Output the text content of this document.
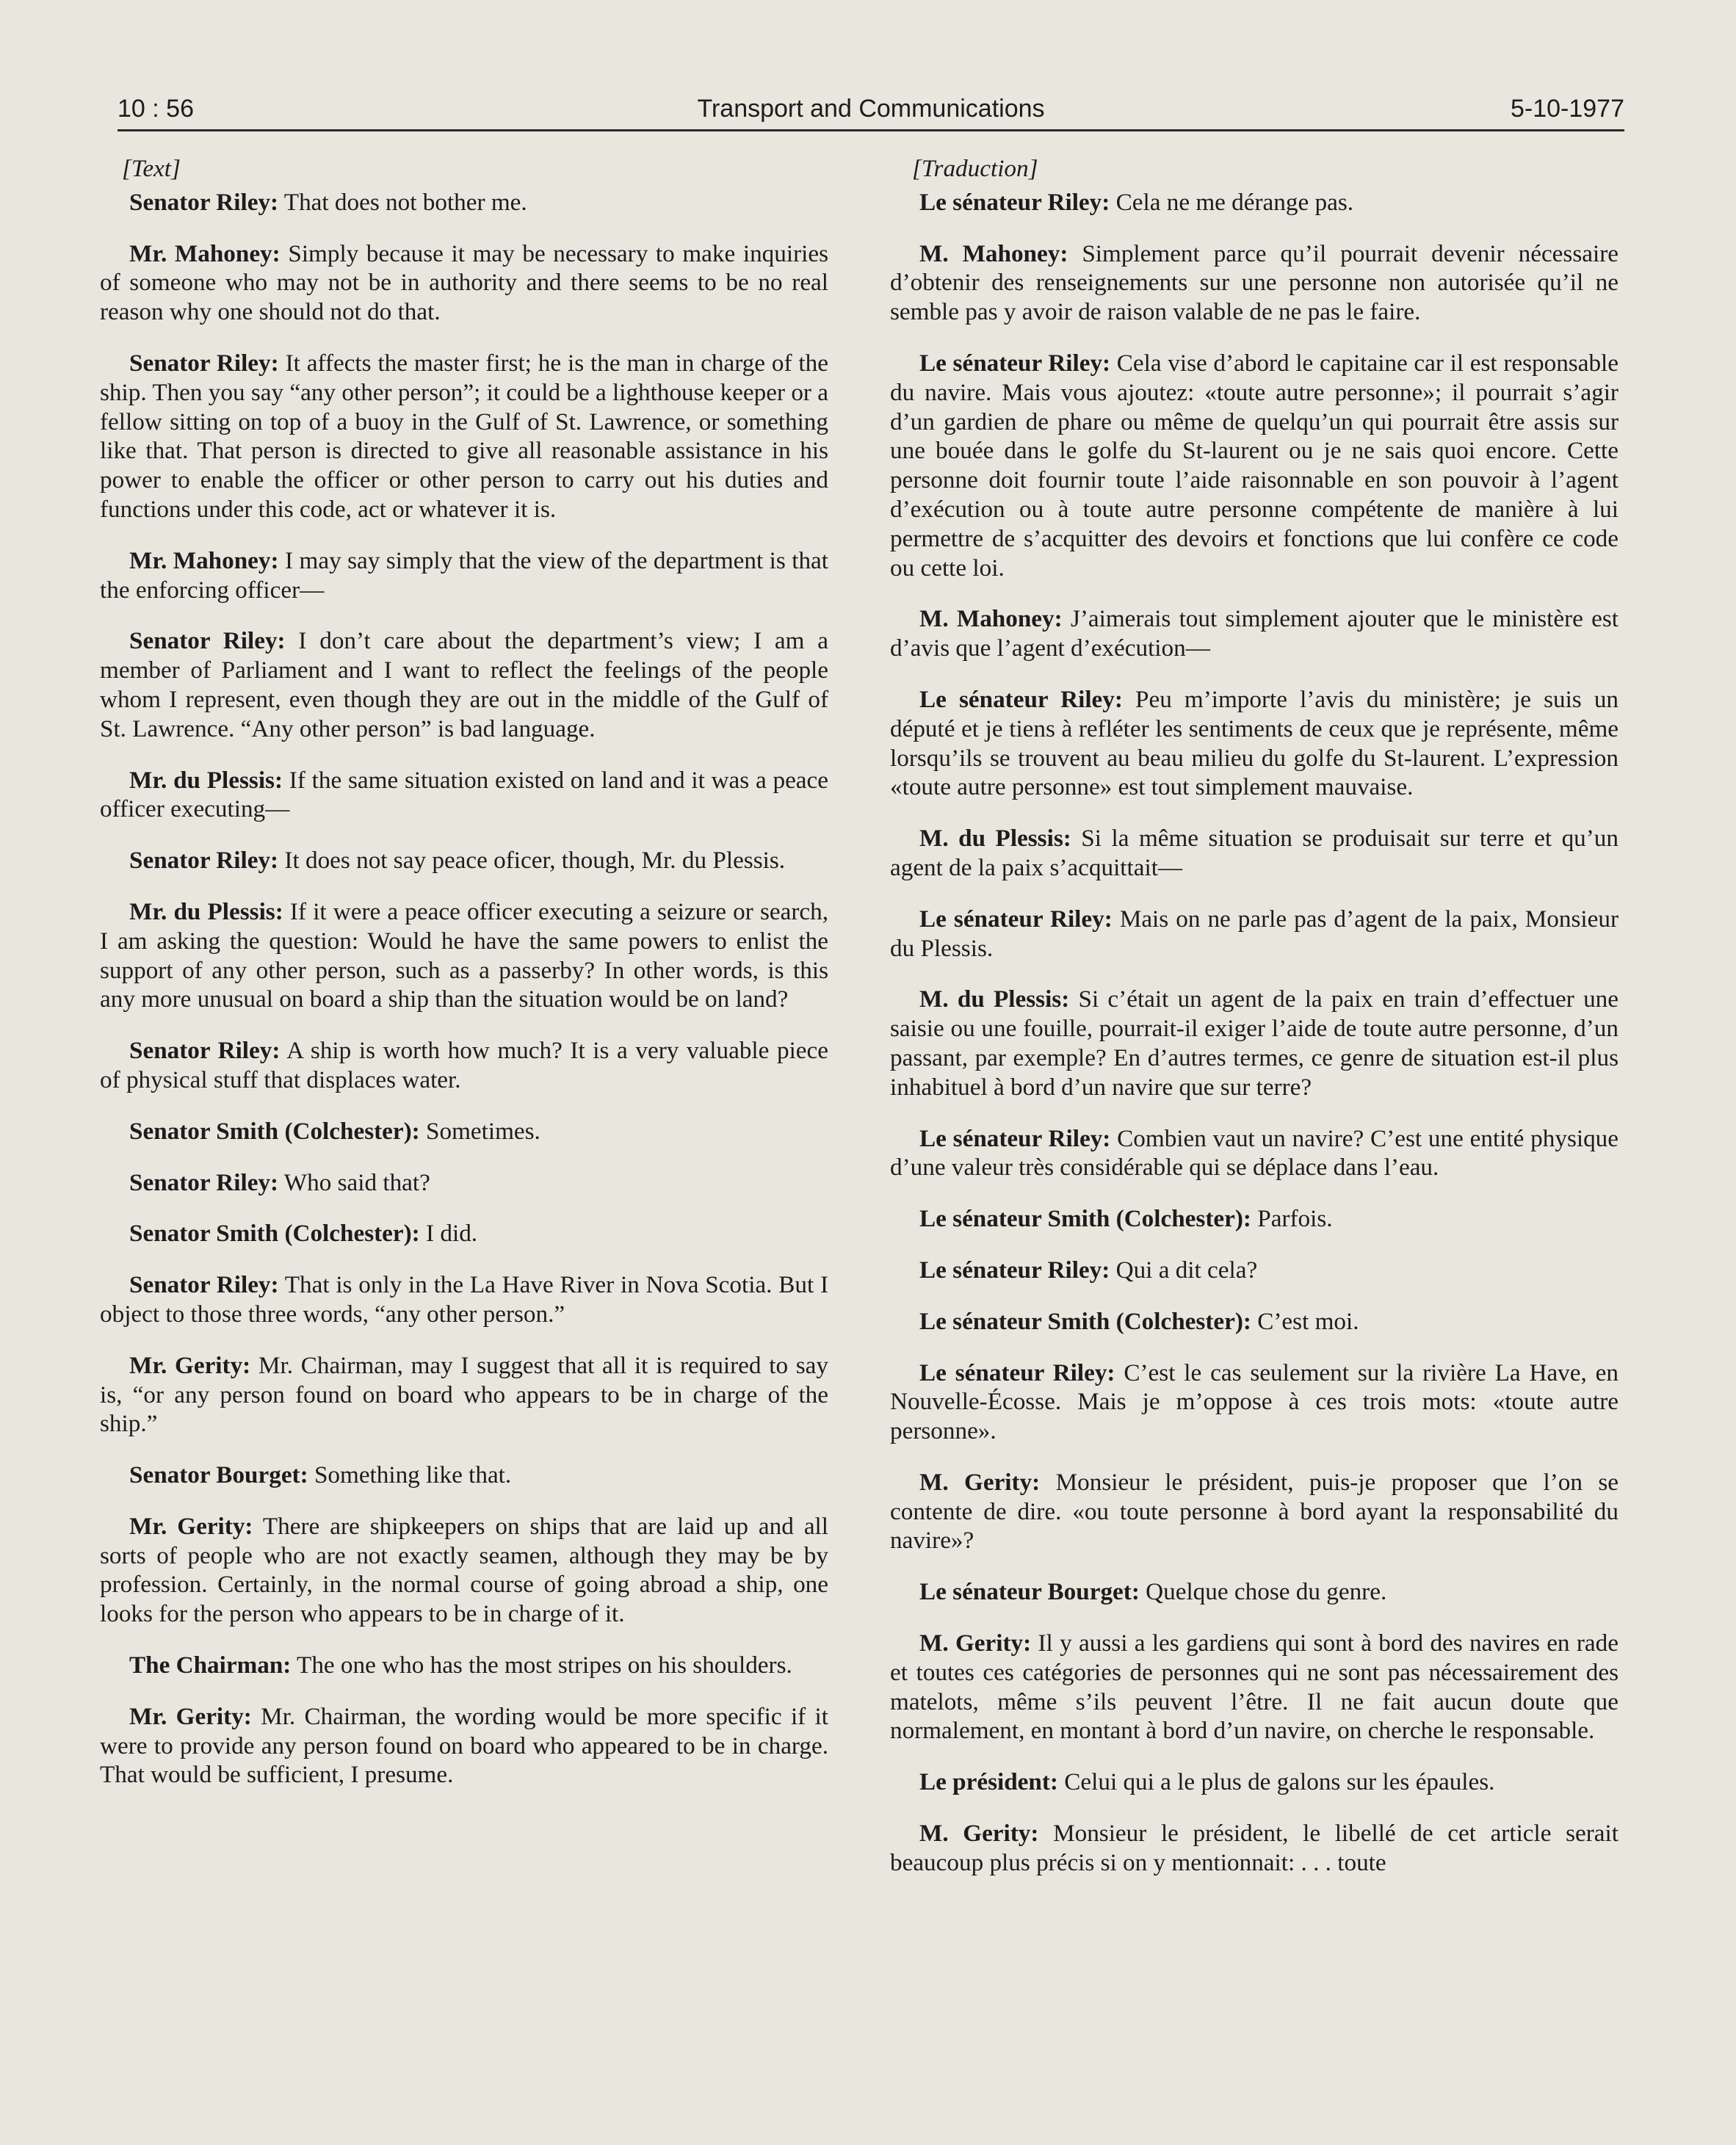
10 : 56	Transport and Communications	5-10-1977
[Text]

Senator Riley: That does not bother me.

Mr. Mahoney: Simply because it may be necessary to make inquiries of someone who may not be in authority and there seems to be no real reason why one should not do that.

Senator Riley: It affects the master first; he is the man in charge of the ship. Then you say “any other person”; it could be a lighthouse keeper or a fellow sitting on top of a buoy in the Gulf of St. Lawrence, or something like that. That person is directed to give all reasonable assistance in his power to enable the officer or other person to carry out his duties and functions under this code, act or whatever it is.

Mr. Mahoney: I may say simply that the view of the department is that the enforcing officer—

Senator Riley: I don’t care about the department’s view; I am a member of Parliament and I want to reflect the feelings of the people whom I represent, even though they are out in the middle of the Gulf of St. Lawrence. “Any other person” is bad language.

Mr. du Plessis: If the same situation existed on land and it was a peace officer executing—

Senator Riley: It does not say peace oficer, though, Mr. du Plessis.

Mr. du Plessis: If it were a peace officer executing a seizure or search, I am asking the question: Would he have the same powers to enlist the support of any other person, such as a passerby? In other words, is this any more unusual on board a ship than the situation would be on land?

Senator Riley: A ship is worth how much? It is a very valuable piece of physical stuff that displaces water.

Senator Smith (Colchester): Sometimes.

Senator Riley: Who said that?

Senator Smith (Colchester): I did.

Senator Riley: That is only in the La Have River in Nova Scotia. But I object to those three words, “any other person.”

Mr. Gerity: Mr. Chairman, may I suggest that all it is required to say is, “or any person found on board who appears to be in charge of the ship.”

Senator Bourget: Something like that.

Mr. Gerity: There are shipkeepers on ships that are laid up and all sorts of people who are not exactly seamen, although they may be by profession. Certainly, in the normal course of going abroad a ship, one looks for the person who appears to be in charge of it.

The Chairman: The one who has the most stripes on his shoulders.

Mr. Gerity: Mr. Chairman, the wording would be more specific if it were to provide any person found on board who appeared to be in charge. That would be sufficient, I presume.

[Traduction]

Le sénateur Riley: Cela ne me dérange pas.

M. Mahoney: Simplement parce qu’il pourrait devenir nécessaire d’obtenir des renseignements sur une personne non autorisée qu’il ne semble pas y avoir de raison valable de ne pas le faire.

Le sénateur Riley: Cela vise d’abord le capitaine car il est responsable du navire. Mais vous ajoutez: «toute autre personne»; il pourrait s’agir d’un gardien de phare ou même de quelqu’un qui pourrait être assis sur une bouée dans le golfe du St-laurent ou je ne sais quoi encore. Cette personne doit fournir toute l’aide raisonnable en son pouvoir à l’agent d’exécution ou à toute autre personne compétente de manière à lui permettre de s’acquitter des devoirs et fonctions que lui confère ce code ou cette loi.

M. Mahoney: J’aimerais tout simplement ajouter que le ministère est d’avis que l’agent d’exécution—

Le sénateur Riley: Peu m’importe l’avis du ministère; je suis un député et je tiens à refléter les sentiments de ceux que je représente, même lorsqu’ils se trouvent au beau milieu du golfe du St-laurent. L’expression «toute autre personne» est tout simplement mauvaise.

M. du Plessis: Si la même situation se produisait sur terre et qu’un agent de la paix s’acquittait—

Le sénateur Riley: Mais on ne parle pas d’agent de la paix, Monsieur du Plessis.

M. du Plessis: Si c’était un agent de la paix en train d’effectuer une saisie ou une fouille, pourrait-il exiger l’aide de toute autre personne, d’un passant, par exemple? En d’autres termes, ce genre de situation est-il plus inhabituel à bord d’un navire que sur terre?

Le sénateur Riley: Combien vaut un navire? C’est une entité physique d’une valeur très considérable qui se déplace dans l’eau.

Le sénateur Smith (Colchester): Parfois.

Le sénateur Riley: Qui a dit cela?

Le sénateur Smith (Colchester): C’est moi.

Le sénateur Riley: C’est le cas seulement sur la rivière La Have, en Nouvelle-Écosse. Mais je m’oppose à ces trois mots: «toute autre personne».

M. Gerity: Monsieur le président, puis-je proposer que l’on se contente de dire. «ou toute personne à bord ayant la responsabilité du navire»?

Le sénateur Bourget: Quelque chose du genre.

M. Gerity: Il y aussi a les gardiens qui sont à bord des navires en rade et toutes ces catégories de personnes qui ne sont pas nécessairement des matelots, même s’ils peuvent l’être. Il ne fait aucun doute que normalement, en montant à bord d’un navire, on cherche le responsable.

Le président: Celui qui a le plus de galons sur les épaules.

M. Gerity: Monsieur le président, le libellé de cet article serait beaucoup plus précis si on y mentionnait: . . . toute
